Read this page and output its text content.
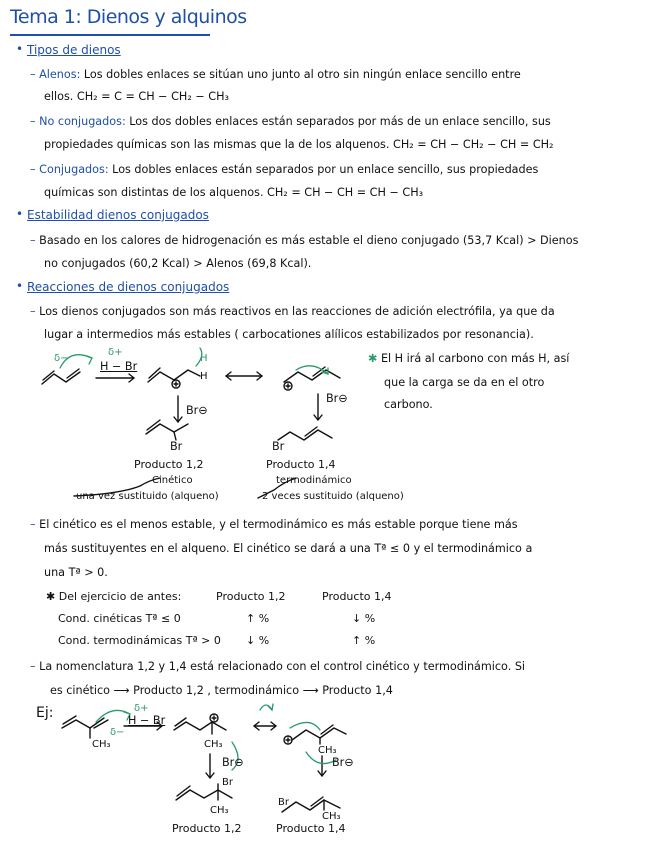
Tema 1: Dienos y alquinos
• Tipos de dienos
– Alenos: Los dobles enlaces se sitúan uno junto al otro sin ningún enlace sencillo entre
ellos. CH₂ = C = CH − CH₂ − CH₃
– No conjugados: Los dos dobles enlaces están separados por más de un enlace sencillo, sus
propiedades químicas son las mismas que la de los alquenos. CH₂ = CH − CH₂ − CH = CH₂
– Conjugados: Los dobles enlaces están separados por un enlace sencillo, sus propiedades
químicas son distintas de los alquenos. CH₂ = CH − CH = CH − CH₃
• Estabilidad dienos conjugados
– Basado en los calores de hidrogenación es más estable el dieno conjugado (53,7 Kcal) > Dienos
no conjugados (60,2 Kcal) > Alenos (69,8 Kcal).
• Reacciones de dienos conjugados
– Los dienos conjugados son más reactivos en las reacciones de adición electrófila, ya que da
lugar a intermedios más estables ( carbocationes alílicos estabilizados por resonancia).
δ−
δ+
H − Br
H
H
Br⊖
Br⊖
Br	Br
✱ El H irá al carbono con más H, así
que la carga se da en el otro
carbono.
Producto 1,2	Producto 1,4
Cinético	termodinámico
una vez sustituido (alqueno)	2 veces sustituido (alqueno)
– El cinético es el menos estable, y el termodinámico es más estable porque tiene más
más sustituyentes en el alqueno. El cinético se dará a una Tª ≤ 0 y el termodinámico a
una Tª > 0.
✱ Del ejercicio de antes:	Producto 1,2	Producto 1,4
Cond. cinéticas Tª ≤ 0	↑ %	↓ %
Cond. termodinámicas Tª > 0 ↓ %	↑ %
– La nomenclatura 1,2 y 1,4 está relacionado con el control cinético y termodinámico. Si
es cinético ⟶ Producto 1,2 , termodinámico ⟶ Producto 1,4
Ej:	δ+
H − Br
δ−
CH₃	CH₃
CH₃
Br⊖	Br⊖
Br
CH₃
Br
CH₃
Producto 1,2	Producto 1,4
